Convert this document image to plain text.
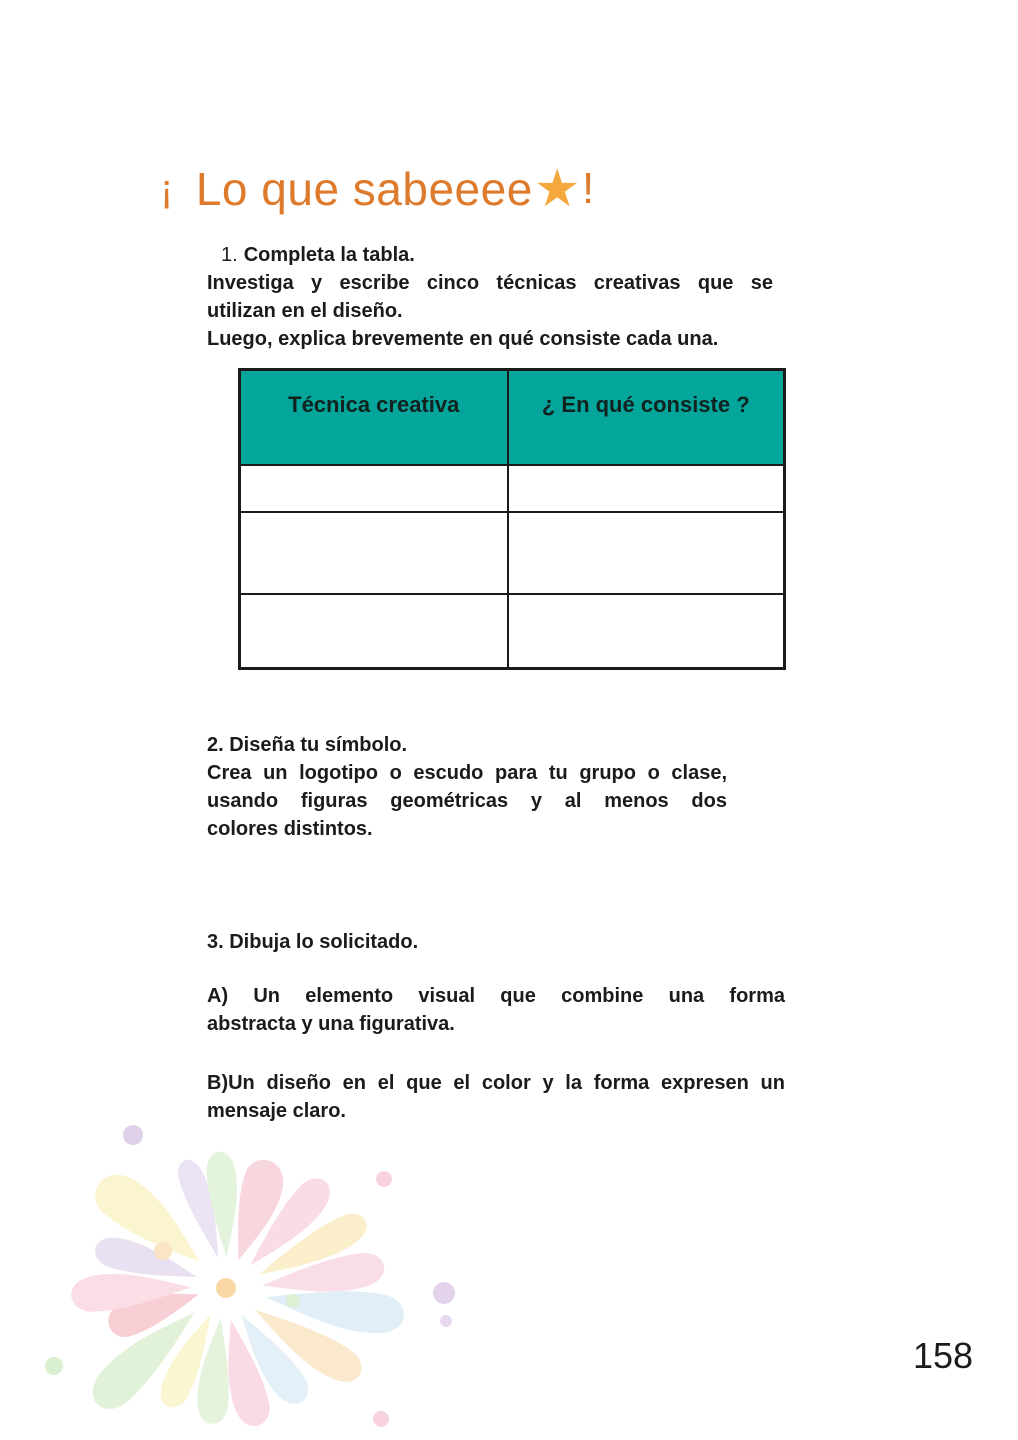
¡ Lo que sabeeee ★ !
1. Completa la tabla.
Investiga y escribe cinco técnicas creativas que se
utilizan en el diseño.
Luego, explica brevemente en qué consiste cada una.
Técnica creativa	¿ En qué consiste ?

2. Diseña tu símbolo.
Crea un logotipo o escudo para tu grupo o clase,
usando figuras geométricas y al menos dos
colores distintos.
3. Dibuja lo solicitado.
A) Un elemento visual que combine una forma
abstracta y una figurativa.
B)Un diseño en el que el color y la forma expresen un
mensaje claro.
158
